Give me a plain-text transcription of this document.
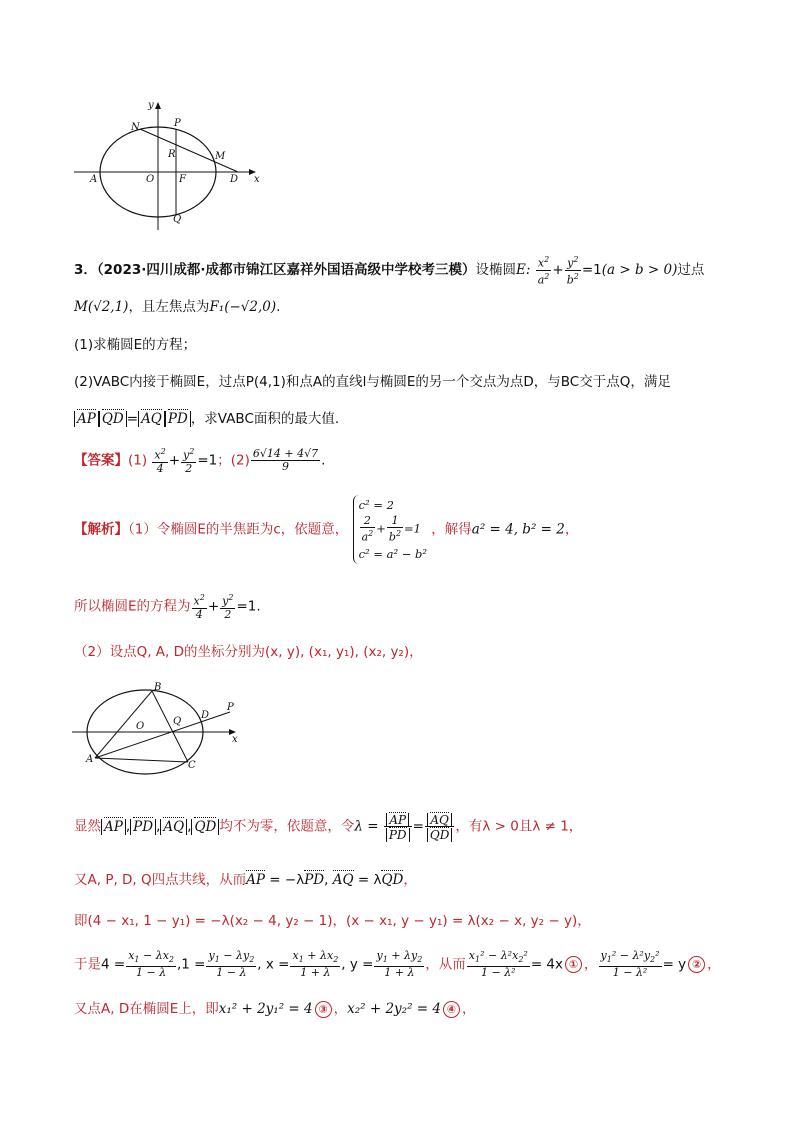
y
x
N	P
R	M
A	O F	D
Q
3．（2023·四川成都·成都市锦江区嘉祥外国语高级中学校考三模）设椭圆E: $\frac{x^2}{a^2} + \frac{y^2}{b^2} =1(a > b > 0)$过点
M(√2,1)，且左焦点为F₁(−√2,0).
(1)求椭圆E的方程；
(2)VABC内接于椭圆E，过点P(4,1)和点A的直线l与椭圆E的另一个交点为点D，与BC交于点Q，满足
AP QD = AQ PD ，求VABC面积的最大值.
【答案】$(1) \frac{x^2}{4} + \frac{y^2}{2} =1$；$(2) \frac{6√14 + 4√7}{9}$ .
【解析】（1）令椭圆E的半焦距为c，依题意，
c² = 2
$\frac{2}{a^2} + \frac{1}{b^2} =1$
c² = a² − b²
，解得a² = 4, b² = 2，
所以椭圆E的方程为 $\frac{x^2}{4} + \frac{y^2}{2} =1$.
（2）设点Q, A, D的坐标分别为(x, y), (x₁, y₁), (x₂, y₂)，
B
P
O	Q
D
x
A
C
显然 AP , PD , AQ , QD 均不为零，依题意，令$\lambda = \frac{AP}{PD} = \frac{AQ}{QD}$ ，有λ > 0且λ ≠ 1，
又A, P, D, Q四点共线，从而AP = −λPD, AQ = λQD，
即(4 − x₁, 1 − y₁) = −λ(x₂ − 4, y₂ − 1)，(x − x₁, y − y₁) = λ(x₂ − x, y₂ − y)，
于是$4 = \frac{x_1 - \lambda x_2}{1 - \lambda} ,1 = \frac{y_1 - \lambda y_2}{1 - \lambda}$ , $x = \frac{x_1 + \lambda x_2}{1 + \lambda}$ , $y = \frac{y_1 + \lambda y_2}{1 + \lambda}$ ，从而 $\frac{x_1^2 - \lambda^2x_2^2}{\text{1 − λ²}} = 4x$ ① ， $\frac{y_1^2 - \lambda^2y_2^2}{\text{1 − λ²}} = y$ ② ，
又点A, D在椭圆E上，即x₁² + 2y₁² = 4 ③ ，x₂² + 2y₂² = 4 ④ ，
